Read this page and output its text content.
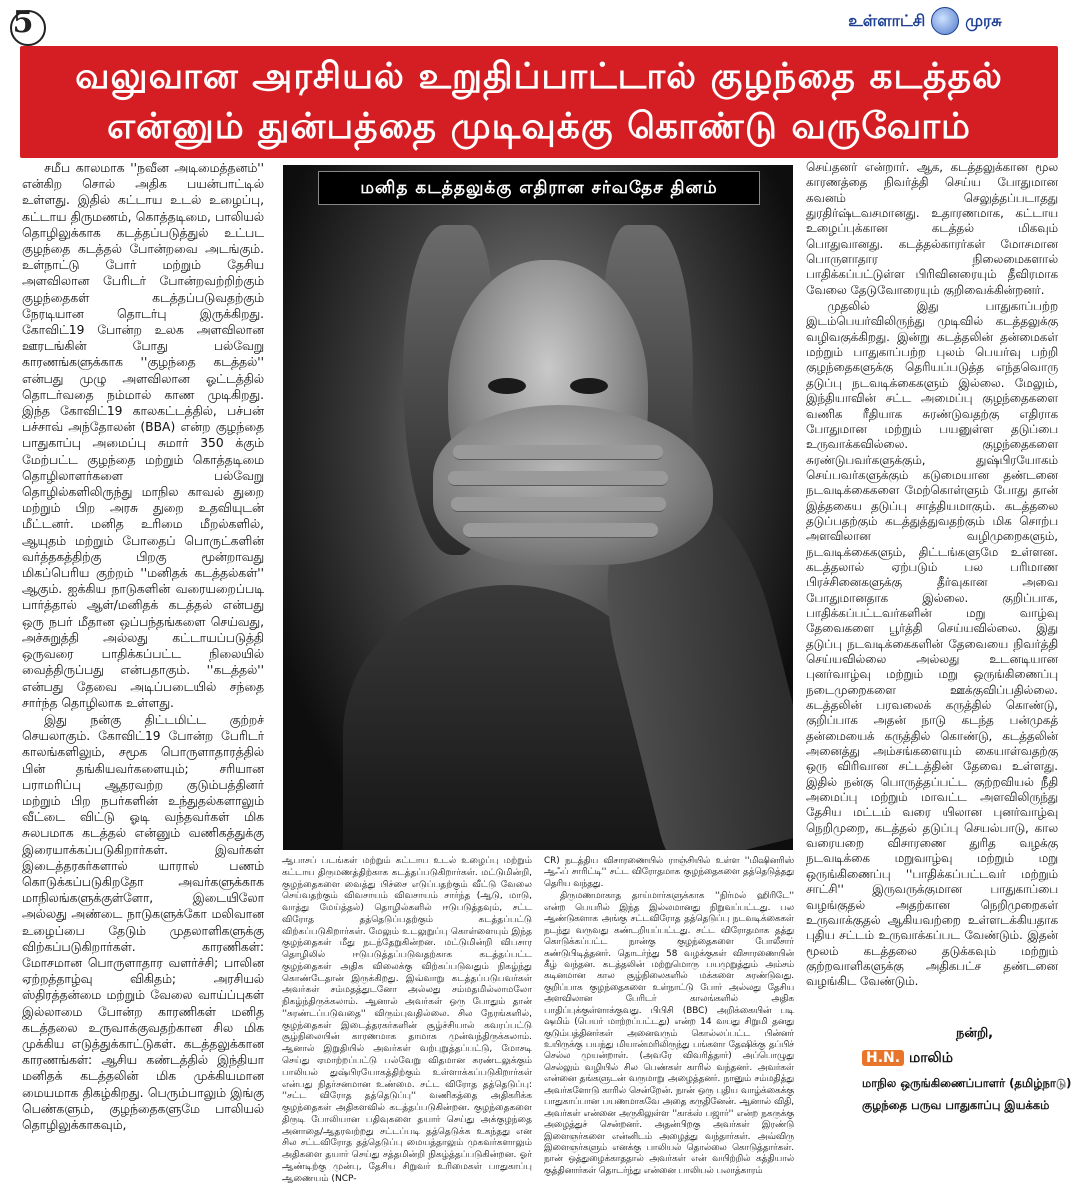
5	உள்ளாட்சி	முரசு
வலுவான அரசியல் உறுதிப்பாட்டால் குழந்தை கடத்தல்
என்னும் துன்பத்தை முடிவுக்கு கொண்டு வருவோம்

சமீப காலமாக ''நவீன அடிமைத்தனம்'' என்கிற சொல் அதிக பயன்பாட்டில் உள்ளது. இதில் கட்டாய உடல் உழைப்பு, கட்டாய திருமணம், கொத்தடிமை, பாலியல் தொழிலுக்காக கடத்தப்படுத்துல் உட்பட குழந்தை கடத்தல் போன்றவை அடங்கும். உள்நாட்டு போர் மற்றும் தேசிய அளவிலான பேரிடர் போன்றவற்றிற்கும் குழந்தைகள் கடத்தப்படுவதற்கும் நேரடியான தொடர்பு இருக்கிறது. கோவிட்19 போன்ற உலக அளவிலான ஊரடங்கின் போது பல்வேறு காரணங்களுக்காக ''குழந்தை கடத்தல்'' என்பது முழு அளவிலான ஓட்டத்தில் தொடர்வதை நம்மால் காண முடிகிறது. இந்த கோவிட்19 காலகட்டத்தில், பச்பன் பச்சாவ் அந்தோலன் (BBA) என்ற குழந்தை பாதுகாப்பு அமைப்பு சுமார் 350 க்கும் மேற்பட்ட குழந்தை மற்றும் கொத்தடிமை தொழிலாளர்களை பல்வேறு தொழில்களிலிருந்து மாநில காவல் துறை மற்றும் பிற அரசு துறை உதவியுடன் மீட்டனர். மனித உரிமை மீறல்களில், ஆயுதம் மற்றும் போதைப் பொருட்களின் வர்த்தகத்திற்கு பிறகு மூன்றாவது மிகப்பெரிய குற்றம் ''மனிதக் கடத்தல்கள்'' ஆகும். ஐக்கிய நாடுகளின் வரையறைப்படி பார்த்தால் ஆள்/மனிதக் கடத்தல் என்பது ஒரு நபர் மீதான ஒப்பந்தங்களை செய்வது, அச்சுறுத்தி அல்லது கட்டாயப்படுத்தி ஒருவரை பாதிக்கப்பட்ட நிலையில் வைத்திருப்பது என்பதாகும். ''கடத்தல்'' என்பது தேவை அடிப்படையில் சந்தை சார்ந்த தொழிலாக உள்ளது.

இது நன்கு திட்டமிட்ட குற்றச் செயலாகும். கோவிட்19 போன்ற பேரிடர் காலங்களிலும், சமூக பொருளாதாரத்தில் பின் தங்கியவர்களையும்; சரியான பராமரிப்பு ஆதரவற்ற குடும்பத்தினர் மற்றும் பிற நபர்களின் உந்துதல்களாலும் வீட்டை விட்டு ஓடி வந்தவர்கள் மிக சுலபமாக கடத்தல் என்னும் வணிகத்துக்கு இரையாக்கப்படுகிறார்கள். இவர்கள் இடைத்தரகர்களால் யாரால் பணம் கொடுக்கப்படுகிறதோ அவர்களுக்காக மாநிலங்களுக்குள்ளோ, இடையிலோ அல்லது அண்டை நாடுகளுக்கோ மலிவான உழைப்பை தேடும் முதலாளிகளுக்கு விற்கப்படுகிறார்கள். காரணிகள்: மோசமான பொருளாதார வளர்ச்சி; பாலின ஏற்றத்தாழ்வு விகிதம்; அரசியல் ஸ்திரத்தன்மை மற்றும் வேலை வாய்ப்புகள் இல்லாமை போன்ற காரணிகள் மனித கடத்தலை உருவாக்குவதற்கான சில மிக முக்கிய எடுத்துக்காட்டுகள். கடத்தலுக்கான காரணங்கள்: ஆசிய கண்டத்தில் இந்தியா மனிதக் கடத்தலின் மிக முக்கியமான மையமாக திகழ்கிறது. பெரும்பாலும் இங்கு பெண்களும், குழந்தைகளுமே பாலியல் தொழிலுக்காகவும்,

மனித கடத்தலுக்கு எதிரான சர்வதேச தினம்

ஆபாசப் படங்கள் மற்றும் கட்டாய உடல் உழைப்பு மற்றும் கட்டாய திருமணத்திற்காக கடத்தப்படுகிறார்கள். மட்டுமின்றி, குழந்தைகளை வைத்து பிச்சை எடுப்பதற்கும் வீட்டு வேலை செய்வதற்கும் விவசாயம் விவசாயம் சார்ந்த (ஆடு, மாடு, வாத்து மேய்த்தல்) தொழில்களில் ஈடுபடுத்தவும், சட்ட விரோத தத்தெடுப்பதற்கும் கடத்தப்பட்டு விற்கப்படுகிறார்கள். மேலும் உடலுறுப்பு கொள்ளையும் இந்த குழந்தைகள் மீது நடந்தேறுகின்றன. மட்டுமின்றி விபசார தொழிலில் ஈடுபடுத்தப்படுவதற்காக கடத்தப்பட்ட குழந்தைகள் அதிக விலைக்கு விற்கப்படுவதும் நிகழ்ந்து கொண்டேதான் இருக்கிறது. இவ்வாறு கடத்தப்படுபவர்கள் அவர்கள் சம்மதத்துடனோ அல்லது சம்மதமில்லாமலோ நிகழ்ந்திருக்கலாம். ஆனால் அவர்கள் ஒரு போதும் தான் ''சுரண்டப்படுவதை'' விரும்புவதில்லை. சில நேரங்களில், குழந்தைகள் இடைத்தரகர்களின் சூழ்ச்சியால் கவரப்பட்டு சூழ்நிலையின் காரணமாக தாமாக முன்வந்திருக்கலாம். ஆனால் இறுதியில் அவர்கள் வற்புறுத்தப்பட்டு, மோசடி செய்து ஏமாற்றப்பட்டு பல்வேறு விதமான சுரண்டலுக்கும் பாலியல் துஷ்பிரயோகத்திற்கும் உள்ளாக்கப்படுகிறார்கள் என்பது நிதர்சனமான உண்மை. சட்ட விரோத தத்தெடுப்பு: ''சட்ட விரோத தத்தெடுப்பு'' வணிகத்தை அதிகரிக்க குழந்தைகள் அதிகளவில் கடத்தப்படுகின்றன. குழந்தைகளை திருடி போலியான பதிவுகளை தயார் செய்து அக்குழந்தை அனாதை/ஆதரவற்றது சட்டப்படி தத்தெடுக்க உகந்தது என சில சட்டவிரோத தத்தெடுப்பு மையத்தாலும் முகவர்களாலும் அதிகளை தயார் செய்து சத்தமின்றி நிகழ்த்தப்படுகின்றன. ஓர் ஆண்டிற்கு முன்பு, தேசிய சிறுவர் உரிமைகள் பாதுகாப்பு ஆணையம் (NCP-

CR) நடத்திய விசாரணையில் ராஞ்சியில் உள்ள ''மிஷினரிஸ் ஆஃப் சாரிட்டி'' சட்ட விரோதமாக குழந்தைகளை தத்தெடுத்தது தெரிய வந்தது.

திருமணமாகாத தாய்மார்களுக்காக ''நிர்மல் ஹிரிடே'' என்ற பெயரில் இந்த இல்லமானது நிறுவப்பட்டது. பல ஆண்டுகளாக அங்கு சட்டவிரோத தத்தெடுப்பு நடவடிக்கைகள் நடந்து வருவது கண்டறியப்பட்டது. சட்ட விரோதமாக தத்து கொடுக்கப்பட்ட நான்கு குழந்தைகளை போலீசார் கண்டுபிடித்தனர். தொடர்ந்து 58 வழக்குகள் விசாரணையின் கீழ் வந்தன. கடத்தலின் மற்றுமொரு பயமுறுத்தும் அம்சம் கடினமான கால சூழ்நிலைகளில் மக்களை சுரண்டுவது. குறிப்பாக குழந்தைகளை உள்நாட்டு போர் அல்லது தேசிய அளவிலான பேரிடர் காலங்களில் அதிக பாதிப்புக்குள்ளாக்குவது. பிபிசி (BBC) அறிக்கையின் படி ஷமிம் (பெயர் மாற்றப்பட்டது) என்ற 14 வயது சிறுமி தனது குடும்பத்தினர்கள் அனைவரும் கொல்லப்பட்ட பின்னர் உயிருக்கு பயந்து மியான்மரிலிருந்து பங்களா தேஷிக்கு தப்பிச் செல்ல முயன்றாள். (அவரே விவரித்தார்) அப்பொழுது செல்லும் வழியில் சில பெண்கள் காரில் வந்தனர். அவர்கள் என்னை தங்களுடன் வருமாறு அழைத்தனர். நானும் சம்மதித்து அவர்களோடு காரில் சென்றேன். நான் ஒரு புதிய வாழ்க்கைக்கு பாதுகாப்பான பயணமாகவே அதை கருதினேன். ஆனால் விதி, அவர்கள் என்னை அருகிலுள்ள ''காக்ஸ் பஜார்'' என்ற நகருக்கு அழைத்துச் சென்றனர். அதன்பிறகு அவர்கள் இரண்டு இளைஞர்களை என்னிடம் அழைத்து வந்தார்கள். அவ்விரு இளைஞர்களும் எனக்கு பாலியல் தொல்லை கொடுத்தார்கள். நான் ஒத்துழைக்காததால் அவர்கள் என் வயிற்றில் கத்தியால் குத்தினார்கள் தொடர்ந்து என்னை பாலியல் பலாத்காரம்

செய்தனர் என்றார். ஆக, கடத்தலுக்கான மூல காரணத்தை நிவர்த்தி செய்ய போதுமான கவனம் செலுத்தப்படாதது துரதிர்ஷ்டவசமானது. உதாரணமாக, கட்டாய உழைப்புக்கான கடத்தல் மிகவும் பொதுவானது. கடத்தல்காரர்கள் மோசமான பொருளாதார நிலைமைகளால் பாதிக்கப்பட்டுள்ள பிரிவினரையும் தீவிரமாக வேலை தேடுவோரையும் குறிவைக்கின்றனர்.

முதலில் இது பாதுகாப்பற்ற இடம்பெயர்விலிருந்து முடிவில் கடத்தலுக்கு வழிவகுக்கிறது. இன்று கடத்தலின் தன்மைகள் மற்றும் பாதுகாப்பற்ற புலம் பெயர்வு பற்றி குழந்தைகளுக்கு தெரியப்படுத்த எந்தவொரு தடுப்பு நடவடிக்கைகளும் இல்லை. மேலும், இந்தியாவின் சட்ட அமைப்பு குழந்தைகளை வணிக ரீதியாக சுரண்டுவதற்கு எதிராக போதுமான மற்றும் பயனுள்ள தடுப்பை உருவாக்கவில்லை. குழந்தைகளை சுரண்டுபவர்களுக்கும், துஷ்பிரயோகம் செய்பவர்களுக்கும் கடுமையான தண்டனை நடவடிக்கைகளை மேற்கொள்ளும் போது தான் இத்தகைய தடுப்பு சாத்தியமாகும். கடத்தலை தடுப்பதற்கும் கடத்துத்துவதற்கும் மிக சொற்ப அளவிலான வழிமுறைகளும், நடவடிக்கைகளும், திட்டங்களுமே உள்ளன. கடத்தலால் ஏற்படும் பல பரிமாண பிரச்சினைகளுக்கு தீர்வுகான அவை போதுமானதாக இல்லை. குறிப்பாக, பாதிக்கப்பட்டவர்களின் மறு வாழ்வு தேவைகளை பூர்த்தி செய்யவில்லை. இது தடுப்பு நடவடிக்கைகளின் தேவையை நிவர்த்தி செய்யவில்லை அல்லது உடனடியான புனர்வாழ்வு மற்றும் மறு ஒருங்கிணைப்பு நடைமுறைகளை ஊக்குவிப்பதில்லை. கடத்தலின் பரவலைக் கருத்தில் கொண்டு, குறிப்பாக அதன் நாடு கடந்த பன்முகத் தன்மையைக் கருத்தில் கொண்டு, கடத்தலின் அனைத்து அம்சங்களையும் கையாள்வதற்கு ஒரு விரிவான சட்டத்தின் தேவை உள்ளது. இதில் நன்கு பொருத்தப்பட்ட குற்றவியல் நீதி அமைப்பு மற்றும் மாவட்ட அளவிலிருந்து தேசிய மட்டம் வரை யிலான புனர்வாழ்வு நெறிமுறை, கடத்தல் தடுப்பு செயல்பாடு, கால வரையறை விசாரணை துரித வழக்கு நடவடிக்கை மறுவாழ்வு மற்றும் மறு ஒருங்கிணைப்பு ''பாதிக்கப்பட்டவர் மற்றும் சாட்சி'' இருவருக்குமான பாதுகாப்பை வழங்குதல் அதற்கான நெறிமுறைகள் உருவாக்குதல் ஆகியவற்றை உள்ளடக்கியதாக புதிய சட்டம் உருவாக்கப்பட வேண்டும். இதன் மூலம் கடத்தலை தடுக்கவும் மற்றும் குற்றவாளிகளுக்கு அதிகபட்ச தண்டனை வழங்கிட வேண்டும்.

நன்றி,
H.N. மாலிம்
மாநில ஒருங்கிணைப்பாளர் (தமிழ்நாடு)
குழந்தை பருவ பாதுகாப்பு இயக்கம்
